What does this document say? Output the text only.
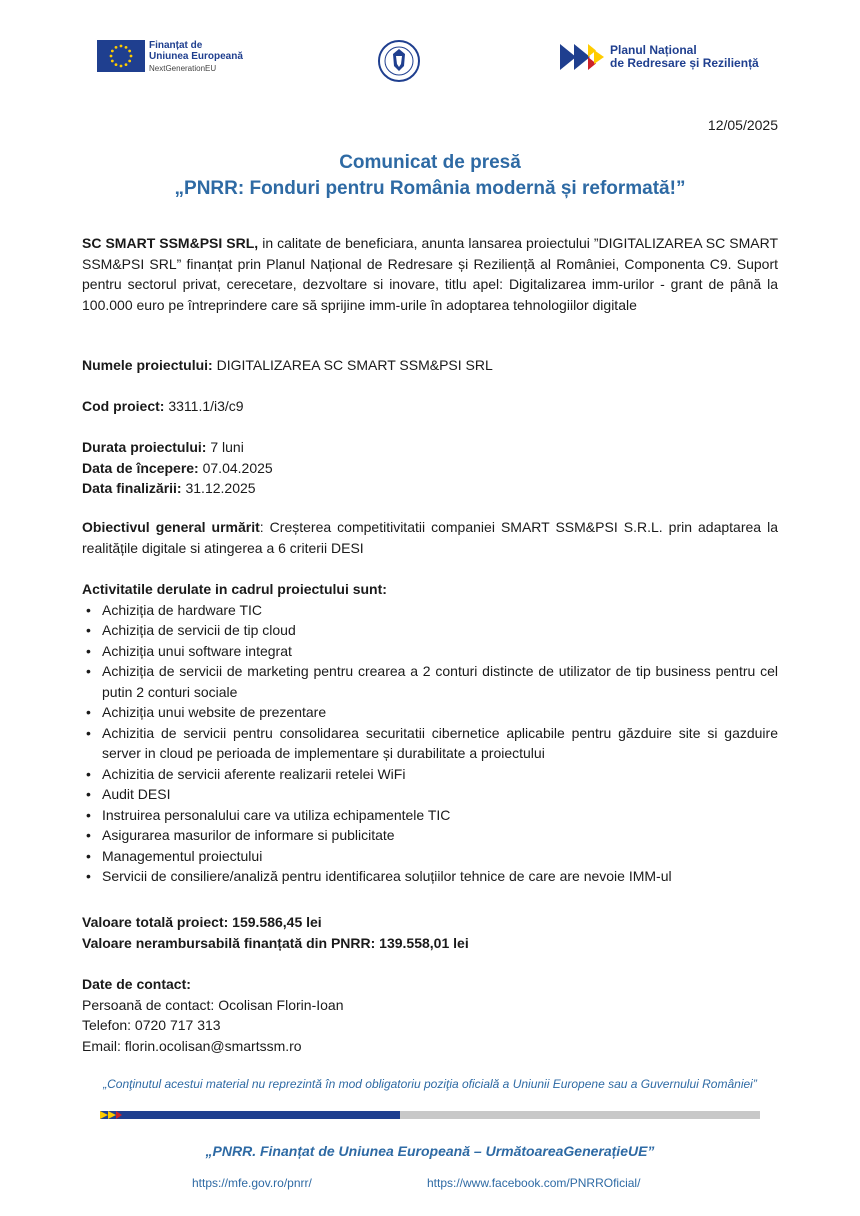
Finanțat de
Uniunea Europeană
NextGenerationEU
Planul Național
de Redresare și Reziliență
12/05/2025
Comunicat de presă
„PNRR: Fonduri pentru România modernă și reformată!”
SC SMART SSM&PSI SRL, in calitate de beneficiara, anunta lansarea proiectului ”DIGITALIZAREA SC SMART SSM&PSI SRL” finanțat prin Planul Național de Redresare și Reziliență al României, Componenta C9. Suport pentru sectorul privat, cerecetare, dezvoltare si inovare, titlu apel: Digitalizarea imm-urilor - grant de până la 100.000 euro pe întreprindere care să sprijine imm-urile în adoptarea tehnologiilor digitale
Numele proiectului: DIGITALIZAREA SC SMART SSM&PSI SRL
Cod proiect: 3311.1/i3/c9
Durata proiectului: 7 luni
Data de începere: 07.04.2025
Data finalizării: 31.12.2025
Obiectivul general urmărit: Creșterea competitivitatii companiei SMART SSM&PSI S.R.L. prin adaptarea la realitățile digitale si atingerea a 6 criterii DESI
Activitatile derulate in cadrul proiectului sunt:
• Achiziția de hardware TIC
• Achiziția de servicii de tip cloud
• Achiziția unui software integrat
• Achiziția de servicii de marketing pentru crearea a 2 conturi distincte de utilizator de tip business pentru cel putin 2 conturi sociale
• Achiziția unui website de prezentare
• Achizitia de servicii pentru consolidarea securitatii cibernetice aplicabile pentru găzduire site si gazduire server in cloud pe perioada de implementare și durabilitate a proiectului
• Achizitia de servicii aferente realizarii retelei WiFi
• Audit DESI
• Instruirea personalului care va utiliza echipamentele TIC
• Asigurarea masurilor de informare si publicitate
• Managementul proiectului
• Servicii de consiliere/analiză pentru identificarea soluțiilor tehnice de care are nevoie IMM-ul
Valoare totală proiect: 159.586,45 lei
Valoare nerambursabilă finanțată din PNRR: 139.558,01 lei
Date de contact:
Persoană de contact: Ocolisan Florin-Ioan
Telefon: 0720 717 313
Email: florin.ocolisan@smartssm.ro
„Conţinutul acestui material nu reprezintă în mod obligatoriu poziţia oficială a Uniunii Europene sau a Guvernului României”
„PNRR. Finanțat de Uniunea Europeană – UrmătoareaGenerațieUE”
https://mfe.gov.ro/pnrr/	https://www.facebook.com/PNRROficial/
